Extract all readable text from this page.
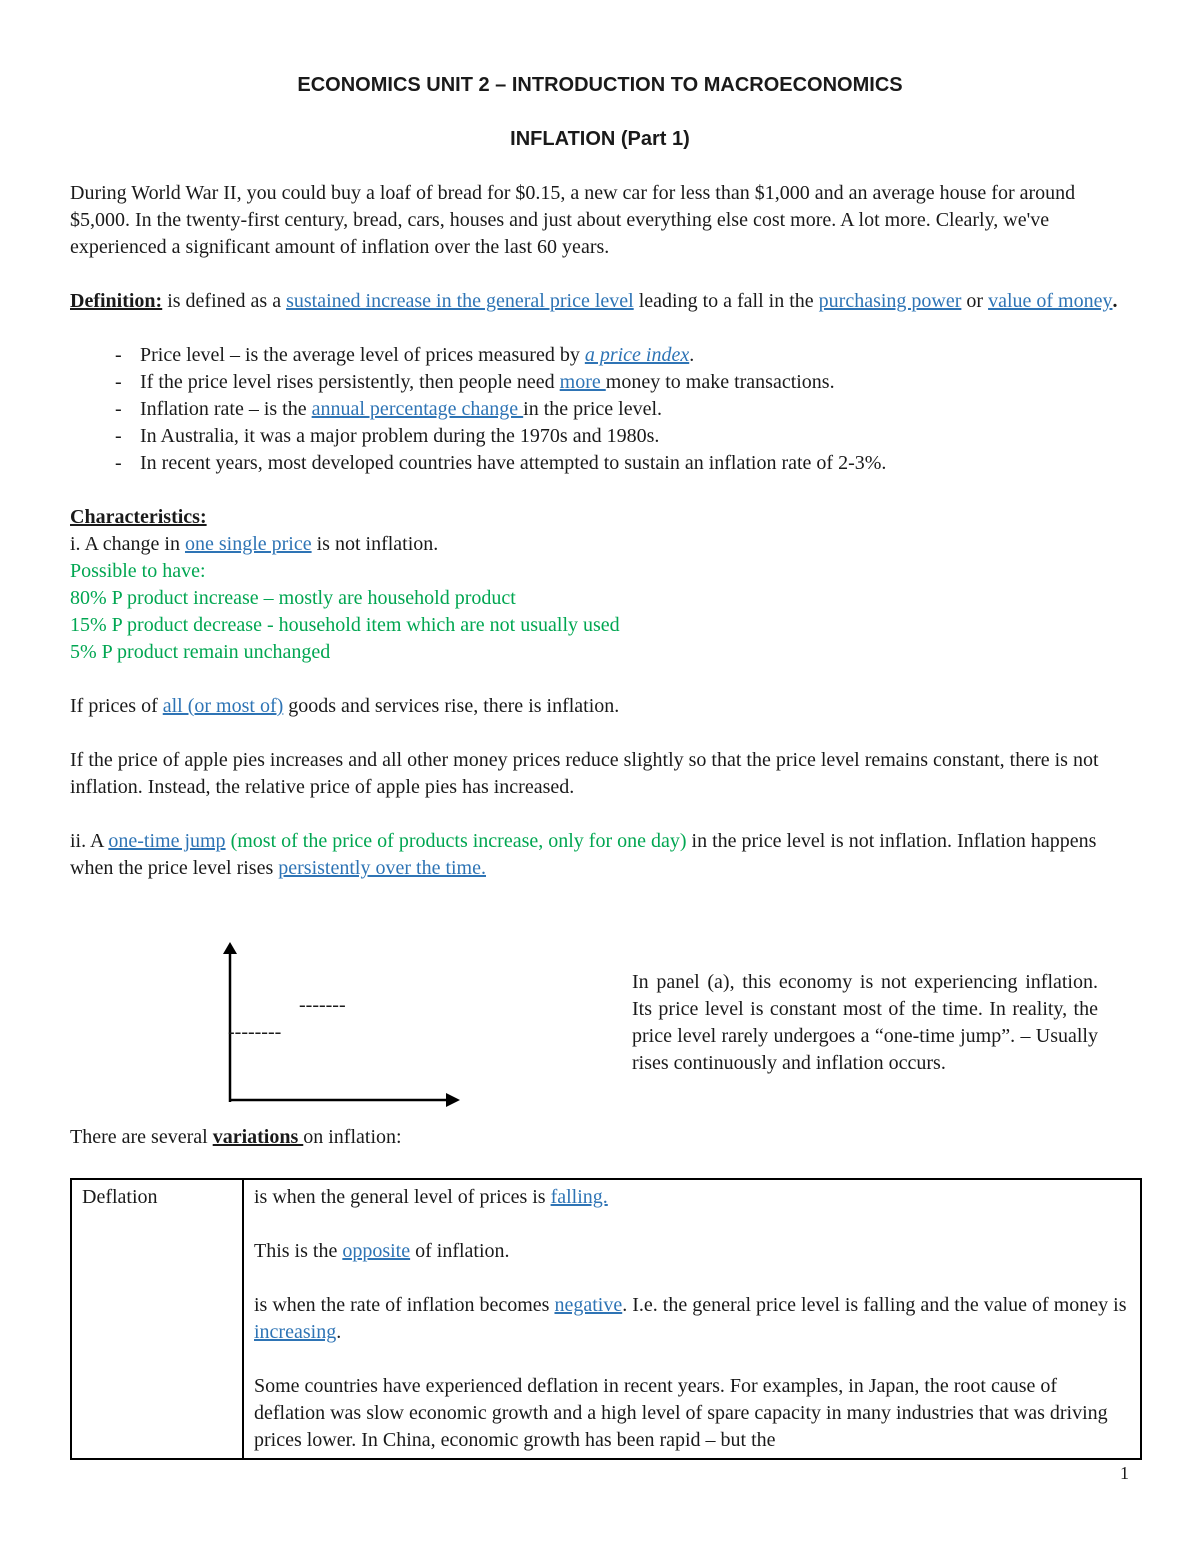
ECONOMICS UNIT 2 – INTRODUCTION TO MACROECONOMICS

INFLATION (Part 1)

During World War II, you could buy a loaf of bread for $0.15, a new car for less than $1,000 and an average house for around $5,000. In the twenty-first century, bread, cars, houses and just about everything else cost more. A lot more. Clearly, we've experienced a significant amount of inflation over the last 60 years.

Definition: is defined as a sustained increase in the general price level leading to a fall in the purchasing power or value of money.

- Price level – is the average level of prices measured by a price index.
- If the price level rises persistently, then people need more money to make transactions.
- Inflation rate – is the annual percentage change in the price level.
- In Australia, it was a major problem during the 1970s and 1980s.
- In recent years, most developed countries have attempted to sustain an inflation rate of 2-3%.

Characteristics:

i. A change in one single price is not inflation.

Possible to have:

80% P product increase – mostly are household product

15% P product decrease - household item which are not usually used

5% P product remain unchanged

If prices of all (or most of) goods and services rise, there is inflation.

If the price of apple pies increases and all other money prices reduce slightly so that the price level remains constant, there is not inflation. Instead, the relative price of apple pies has increased.

ii. A one-time jump (most of the price of products increase, only for one day) in the price level is not inflation. Inflation happens when the price level rises persistently over the time.

-------
--------

In panel (a), this economy is not experiencing inflation. Its price level is constant most of the time. In reality, the price level rarely undergoes a “one-time jump”. – Usually rises continuously and inflation occurs.

There are several variations on inflation:

Deflation	is when the general level of prices is falling.

This is the opposite of inflation.

is when the rate of inflation becomes negative. I.e. the general price level is falling and the value of money is increasing.

Some countries have experienced deflation in recent years. For examples, in Japan, the root cause of deflation was slow economic growth and a high level of spare capacity in many industries that was driving prices lower. In China, economic growth has been rapid – but the

1
